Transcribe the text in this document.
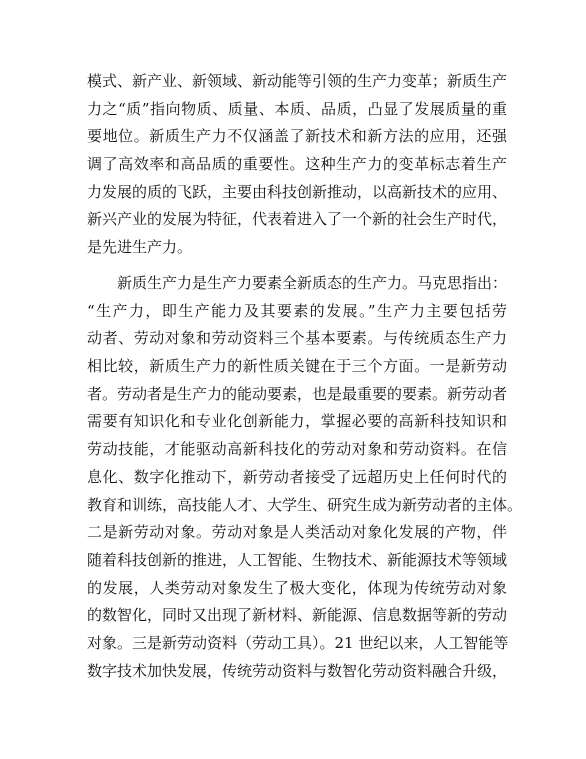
模式、新产业、新领域、新动能等引领的生产力变革；新质生产
力之“质”指向物质、质量、本质、品质，凸显了发展质量的重
要地位。新质生产力不仅涵盖了新技术和新方法的应用，还强
调了高效率和高品质的重要性。这种生产力的变革标志着生产
力发展的质的飞跃，主要由科技创新推动，以高新技术的应用、
新兴产业的发展为特征，代表着进入了一个新的社会生产时代，
是先进生产力。
新质生产力是生产力要素全新质态的生产力。马克思指出：
“生产力，即生产能力及其要素的发展。”生产力主要包括劳
动者、劳动对象和劳动资料三个基本要素。与传统质态生产力
相比较，新质生产力的新性质关键在于三个方面。一是新劳动
者。劳动者是生产力的能动要素，也是最重要的要素。新劳动者
需要有知识化和专业化创新能力，掌握必要的高新科技知识和
劳动技能，才能驱动高新科技化的劳动对象和劳动资料。在信
息化、数字化推动下，新劳动者接受了远超历史上任何时代的
教育和训练，高技能人才、大学生、研究生成为新劳动者的主体。
二是新劳动对象。劳动对象是人类活动对象化发展的产物，伴
随着科技创新的推进，人工智能、生物技术、新能源技术等领域
的发展，人类劳动对象发生了极大变化，体现为传统劳动对象
的数智化，同时又出现了新材料、新能源、信息数据等新的劳动
对象。三是新劳动资料（劳动工具）。21 世纪以来，人工智能等
数字技术加快发展，传统劳动资料与数智化劳动资料融合升级，
